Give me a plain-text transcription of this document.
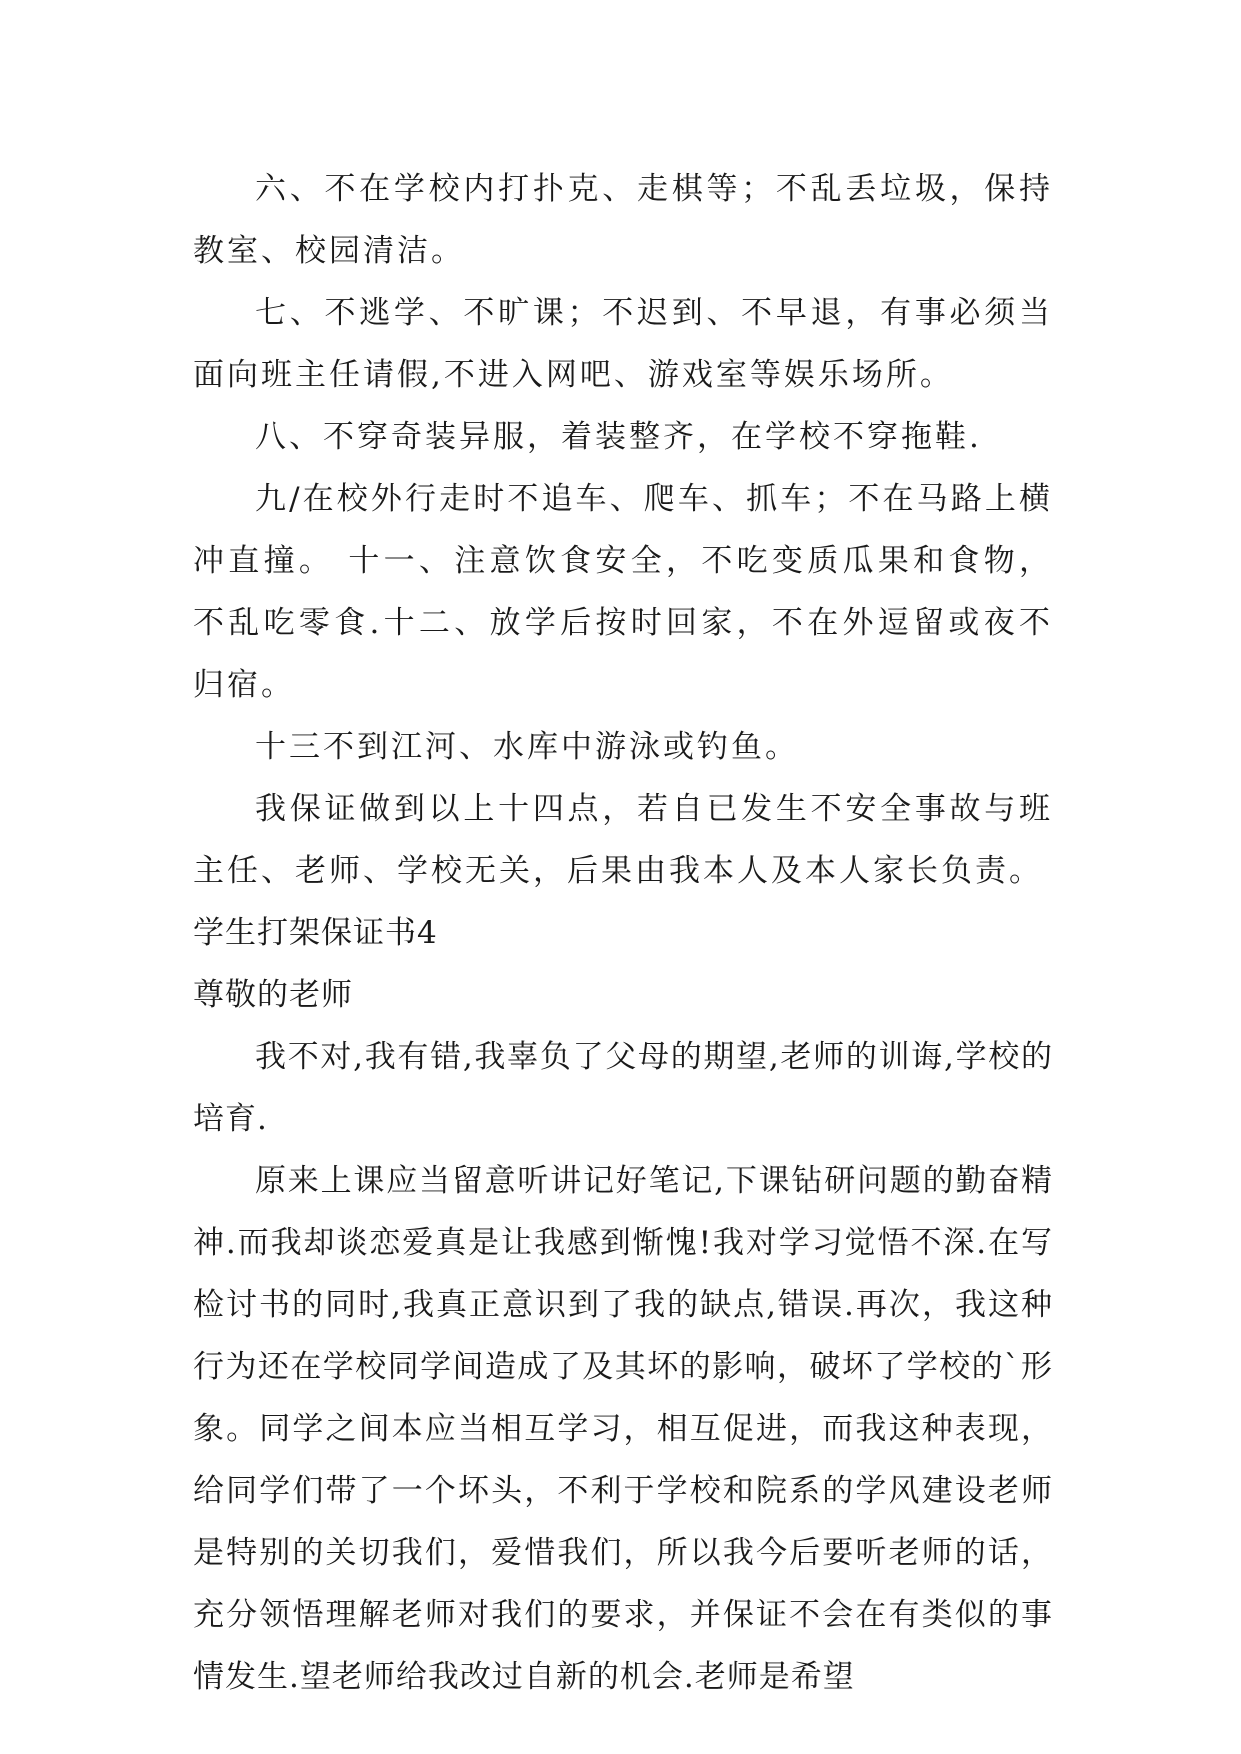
六、不在学校内打扑克、走棋等；不乱丢垃圾，保持教室、校园清洁。

七、不逃学、不旷课；不迟到、不早退，有事必须当面向班主任请假,不进入网吧、游戏室等娱乐场所。

八、不穿奇装异服，着装整齐，在学校不穿拖鞋.

九/在校外行走时不追车、爬车、抓车；不在马路上横冲直撞。 十一、注意饮食安全，不吃变质瓜果和食物，不乱吃零食.十二、放学后按时回家，不在外逗留或夜不归宿。

十三不到江河、水库中游泳或钓鱼。

我保证做到以上十四点，若自已发生不安全事故与班主任、老师、学校无关，后果由我本人及本人家长负责。

学生打架保证书4

尊敬的老师

我不对,我有错,我辜负了父母的期望,老师的训诲,学校的培育.

原来上课应当留意听讲记好笔记,下课钻研问题的勤奋精神.而我却谈恋爱真是让我感到惭愧!我对学习觉悟不深.在写检讨书的同时,我真正意识到了我的缺点,错误.再次，我这种行为还在学校同学间造成了及其坏的影响，破坏了学校的`形象。同学之间本应当相互学习，相互促进，而我这种表现，给同学们带了一个坏头，不利于学校和院系的学风建设老师是特别的关切我们，爱惜我们，所以我今后要听老师的话，充分领悟理解老师对我们的要求，并保证不会在有类似的事情发生.望老师给我改过自新的机会.老师是希望
